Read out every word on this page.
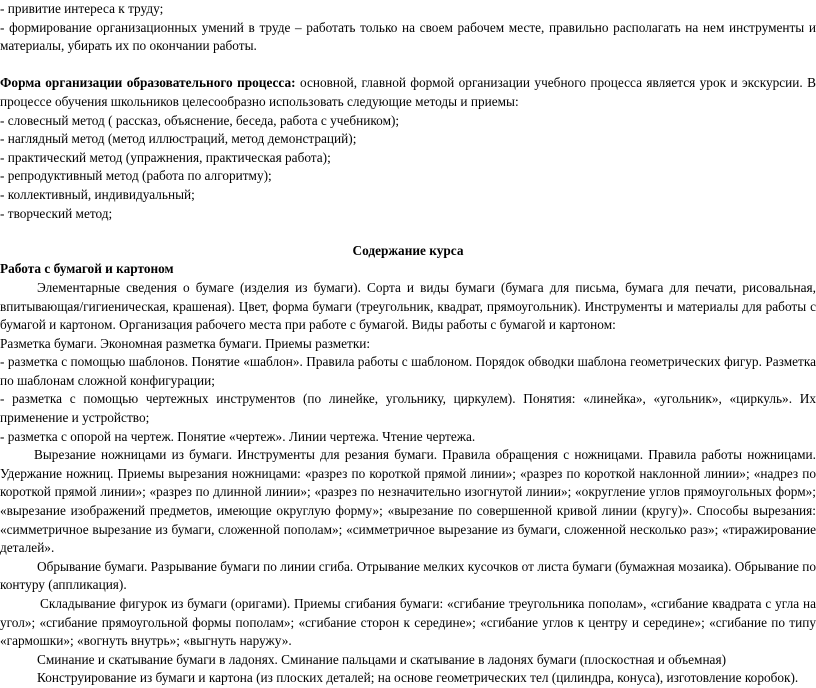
- привитие интереса к труду;
- формирование организационных умений в труде – работать только на своем рабочем месте, правильно располагать на нем инструменты и материалы, убирать их по окончании работы.
Форма организации образовательного процесса: основной, главной формой организации учебного процесса является урок и экскурсии. В процессе обучения школьников целесообразно использовать следующие методы и приемы:
- словесный метод ( рассказ, объяснение, беседа, работа с учебником);
- наглядный метод (метод иллюстраций, метод демонстраций);
- практический метод (упражнения, практическая работа);
- репродуктивный метод (работа по алгоритму);
- коллективный, индивидуальный;
- творческий метод;
Содержание курса
Работа с бумагой и картоном
Элементарные сведения о бумаге (изделия из бумаги). Сорта и виды бумаги (бумага для письма, бумага для печати, рисовальная, впитывающая/гигиеническая, крашеная). Цвет, форма бумаги (треугольник, квадрат, прямоугольник). Инструменты и материалы для работы с бумагой и картоном. Организация рабочего места при работе с бумагой. Виды работы с бумагой и картоном:
Разметка бумаги. Экономная разметка бумаги. Приемы разметки:
- разметка с помощью шаблонов. Понятие «шаблон». Правила работы с шаблоном. Порядок обводки шаблона геометрических фигур. Разметка по шаблонам сложной конфигурации;
- разметка с помощью чертежных инструментов (по линейке, угольнику, циркулем). Понятия: «линейка», «угольник», «циркуль». Их применение и устройство;
- разметка с опорой на чертеж. Понятие «чертеж». Линии чертежа. Чтение чертежа.
Вырезание ножницами из бумаги. Инструменты для резания бумаги. Правила обращения с ножницами. Правила работы ножницами. Удержание ножниц. Приемы вырезания ножницами: «разрез по короткой прямой линии»; «разрез по короткой наклонной линии»; «надрез по короткой прямой линии»; «разрез по длинной линии»; «разрез по незначительно изогнутой линии»; «округление углов прямоугольных форм»; «вырезание изображений предметов, имеющие округлую форму»; «вырезание по совершенной кривой линии (кругу)». Способы вырезания: «симметричное вырезание из бумаги, сложенной пополам»; «симметричное вырезание из бумаги, сложенной несколько раз»; «тиражирование деталей».
Обрывание бумаги. Разрывание бумаги по линии сгиба. Отрывание мелких кусочков от листа бумаги (бумажная мозаика). Обрывание по контуру (аппликация).
Складывание фигурок из бумаги (оригами). Приемы сгибания бумаги: «сгибание треугольника пополам», «сгибание квадрата с угла на угол»; «сгибание прямоугольной формы пополам»; «сгибание сторон к середине»; «сгибание углов к центру и середине»; «сгибание по типу «гармошки»; «вогнуть внутрь»; «выгнуть наружу».
Сминание и скатывание бумаги в ладонях. Сминание пальцами и скатывание в ладонях бумаги (плоскостная и объемная)
Конструирование из бумаги и картона (из плоских деталей; на основе геометрических тел (цилиндра, конуса), изготовление коробок).
